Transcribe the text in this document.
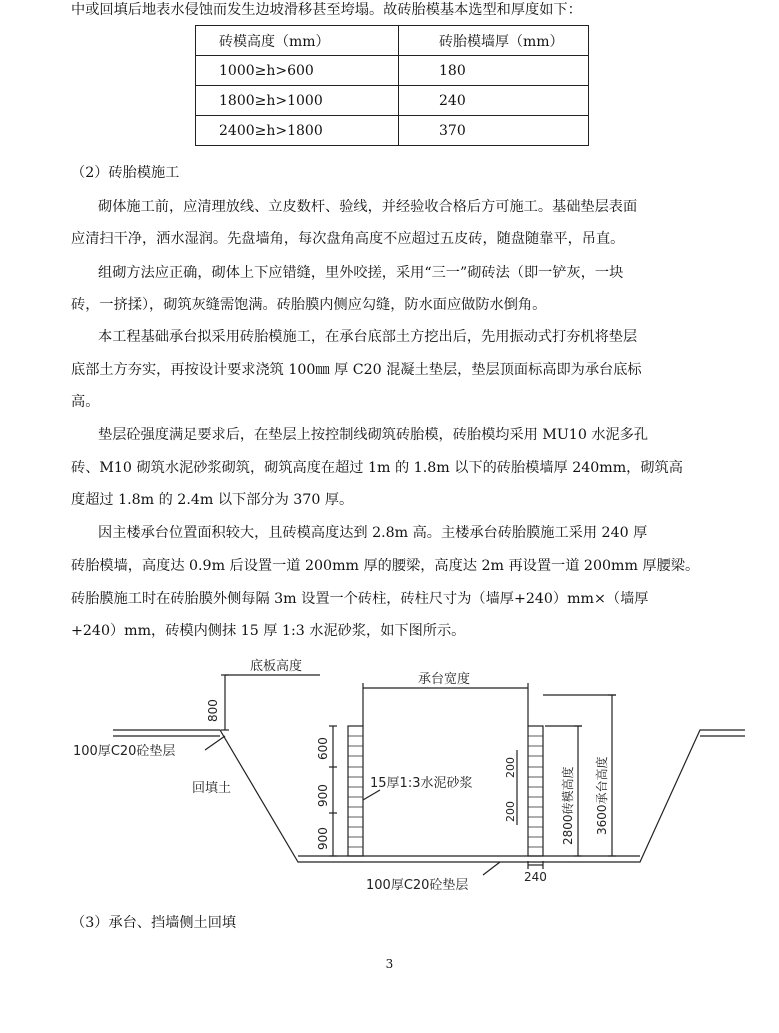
中或回填后地表水侵蚀而发生边坡滑移甚至垮塌。故砖胎模基本选型和厚度如下：
砖模高度（mm）	砖胎模墙厚（mm）
1000≥h>600	180
1800≥h>1000	240
2400≥h>1800	370
（2）砖胎模施工
砌体施工前，应清理放线、立皮数杆、验线，并经验收合格后方可施工。基础垫层表面
应清扫干净，洒水湿润。先盘墙角，每次盘角高度不应超过五皮砖，随盘随靠平，吊直。
组砌方法应正确，砌体上下应错缝，里外咬搓，采用“三一”砌砖法（即一铲灰，一块
砖，一挤揉），砌筑灰缝需饱满。砖胎膜内侧应勾缝，防水面应做防水倒角。
本工程基础承台拟采用砖胎模施工，在承台底部土方挖出后，先用振动式打夯机将垫层
底部土方夯实，再按设计要求浇筑 100㎜ 厚 C20 混凝土垫层，垫层顶面标高即为承台底标
高。
垫层砼强度满足要求后，在垫层上按控制线砌筑砖胎模，砖胎模均采用 MU10 水泥多孔
砖、M10 砌筑水泥砂浆砌筑，砌筑高度在超过 1m 的 1.8m 以下的砖胎模墙厚 240mm，砌筑高
度超过 1.8m 的 2.4m 以下部分为 370 厚。
因主楼承台位置面积较大，且砖模高度达到 2.8m 高。主楼承台砖胎膜施工采用 240 厚
砖胎模墙，高度达 0.9m 后设置一道 200mm 厚的腰梁，高度达 2m 再设置一道 200mm 厚腰梁。
砖胎膜施工时在砖胎膜外侧每隔 3m 设置一个砖柱，砖柱尺寸为（墙厚+240）mm×（墙厚
+240）mm，砖模内侧抹 15 厚 1:3 水泥砂浆，如下图所示。
底板高度
800
100厚C20砼垫层
回填土
承台宽度
600
900
900
15厚1:3水泥砂浆
200
200	2800砖模高度 3600承台高度
100厚C20砼垫层
240
（3）承台、挡墙侧土回填
3
